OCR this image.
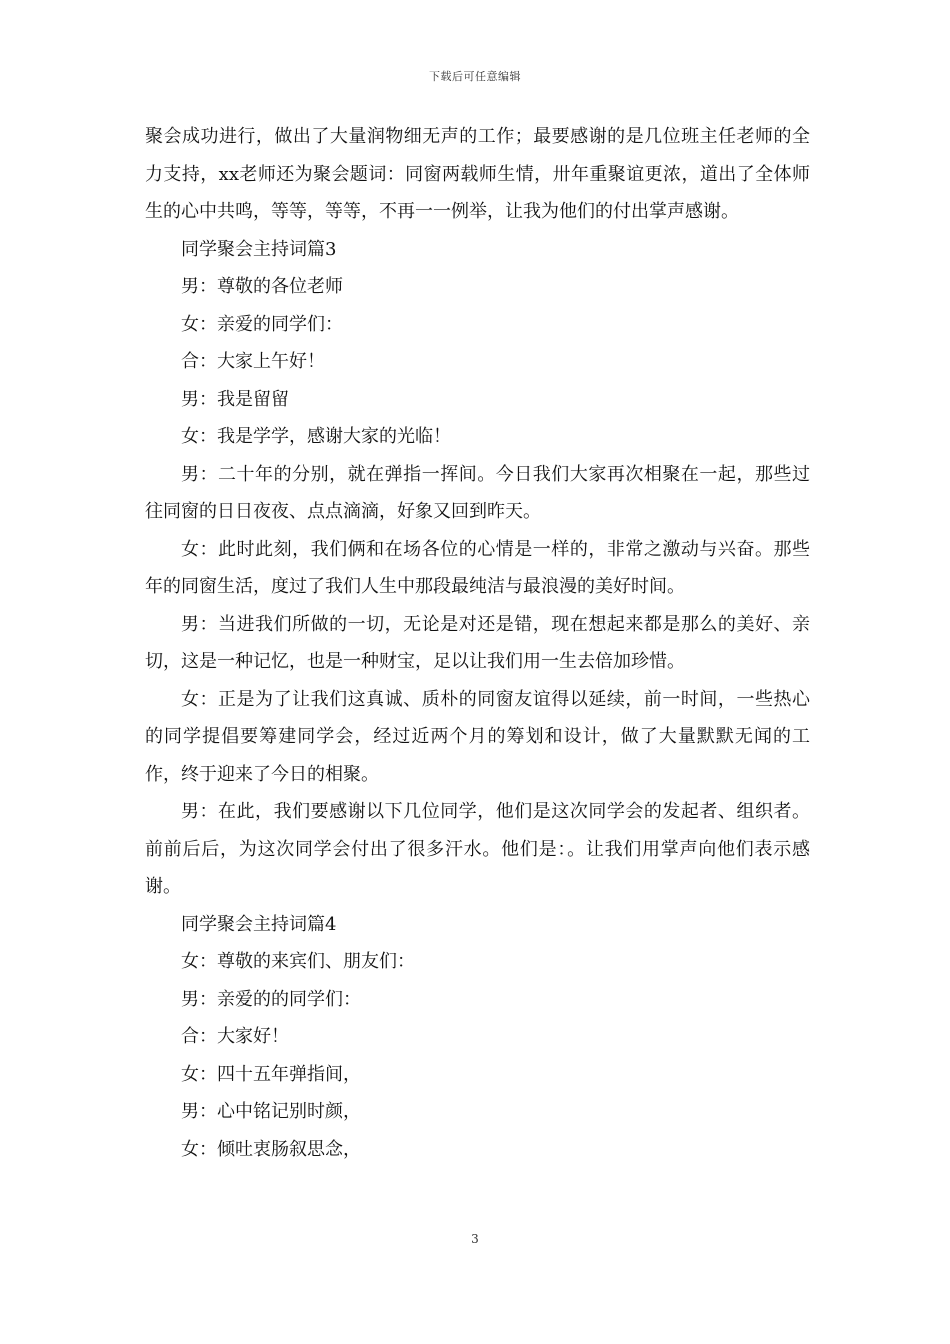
下载后可任意编辑

聚会成功进行，做出了大量润物细无声的工作；最要感谢的是几位班主任老师的全力支持，xx老师还为聚会题词：同窗两载师生情，卅年重聚谊更浓，道出了全体师生的心中共鸣，等等，等等，不再一一例举，让我为他们的付出掌声感谢。

同学聚会主持词篇3

男：尊敬的各位老师

女：亲爱的同学们：

合：大家上午好！

男：我是留留

女：我是学学，感谢大家的光临！

男：二十年的分别，就在弹指一挥间。今日我们大家再次相聚在一起，那些过往同窗的日日夜夜、点点滴滴，好象又回到昨天。

女：此时此刻，我们俩和在场各位的心情是一样的，非常之激动与兴奋。那些年的同窗生活，度过了我们人生中那段最纯洁与最浪漫的美好时间。

男：当进我们所做的一切，无论是对还是错，现在想起来都是那么的美好、亲切，这是一种记忆，也是一种财宝，足以让我们用一生去倍加珍惜。

女：正是为了让我们这真诚、质朴的同窗友谊得以延续，前一时间，一些热心的同学提倡要筹建同学会，经过近两个月的筹划和设计，做了大量默默无闻的工作，终于迎来了今日的相聚。

男：在此，我们要感谢以下几位同学，他们是这次同学会的发起者、组织者。前前后后，为这次同学会付出了很多汗水。他们是：。让我们用掌声向他们表示感谢。

同学聚会主持词篇4

女：尊敬的来宾们、朋友们：

男：亲爱的的同学们：

合：大家好！

女：四十五年弹指间，

男：心中铭记别时颜，

女：倾吐衷肠叙思念，

3
